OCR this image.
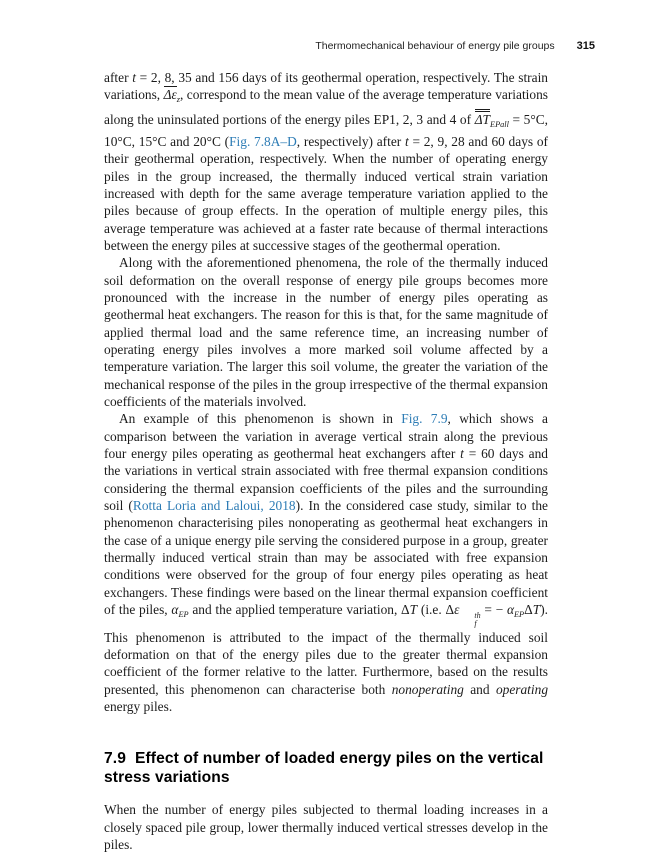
Thermomechanical behaviour of energy pile groups 315

after t = 2, 8, 35 and 156 days of its geothermal operation, respectively. The strain variations, $\Delta\varepsilon_z$, correspond to the mean value of the average temperature variations along the uninsulated portions of the energy piles EP1, 2, 3 and 4 of $\Delta T_{EPall} = 5^\circ C$, 10°C, 15°C and 20°C (Fig. 7.8A–D, respectively) after t = 2, 9, 28 and 60 days of their geothermal operation, respectively. When the number of operating energy piles in the group increased, the thermally induced vertical strain variation increased with depth for the same average temperature variation applied to the piles because of group effects. In the operation of multiple energy piles, this average temperature was achieved at a faster rate because of thermal interactions between the energy piles at successive stages of the geothermal operation.

Along with the aforementioned phenomena, the role of the thermally induced soil deformation on the overall response of energy pile groups becomes more pronounced with the increase in the number of energy piles operating as geothermal heat exchangers. The reason for this is that, for the same magnitude of applied thermal load and the same reference time, an increasing number of operating energy piles involves a more marked soil volume affected by a temperature variation. The larger this soil volume, the greater the variation of the mechanical response of the piles in the group irrespective of the thermal expansion coefficients of the materials involved.

An example of this phenomenon is shown in Fig. 7.9, which shows a comparison between the variation in average vertical strain along the previous four energy piles operating as geothermal heat exchangers after t = 60 days and the variations in vertical strain associated with free thermal expansion conditions considering the thermal expansion coefficients of the piles and the surrounding soil (Rotta Loria and Laloui, 2018). In the considered case study, similar to the phenomenon characterising piles nonoperating as geothermal heat exchangers in the case of a unique energy pile serving the considered purpose in a group, greater thermally induced vertical strain than may be associated with free expansion conditions were observed for the group of four energy piles operating as heat exchangers. These findings were based on the linear thermal expansion coefficient of the piles, $\alpha_{EP}$ and the applied temperature variation, ΔT (i.e. Δε	th
f
= − $\alpha_{EP}\Delta T$). This phenomenon is attributed to the impact of the thermally induced soil deformation on that of the energy piles due to the greater thermal expansion coefficient of the former relative to the latter. Furthermore, based on the results presented, this phenomenon can characterise both nonoperating and operating energy piles.

7.9 Effect of number of loaded energy piles on the vertical stress variations

When the number of energy piles subjected to thermal loading increases in a closely spaced pile group, lower thermally induced vertical stresses develop in the piles.
